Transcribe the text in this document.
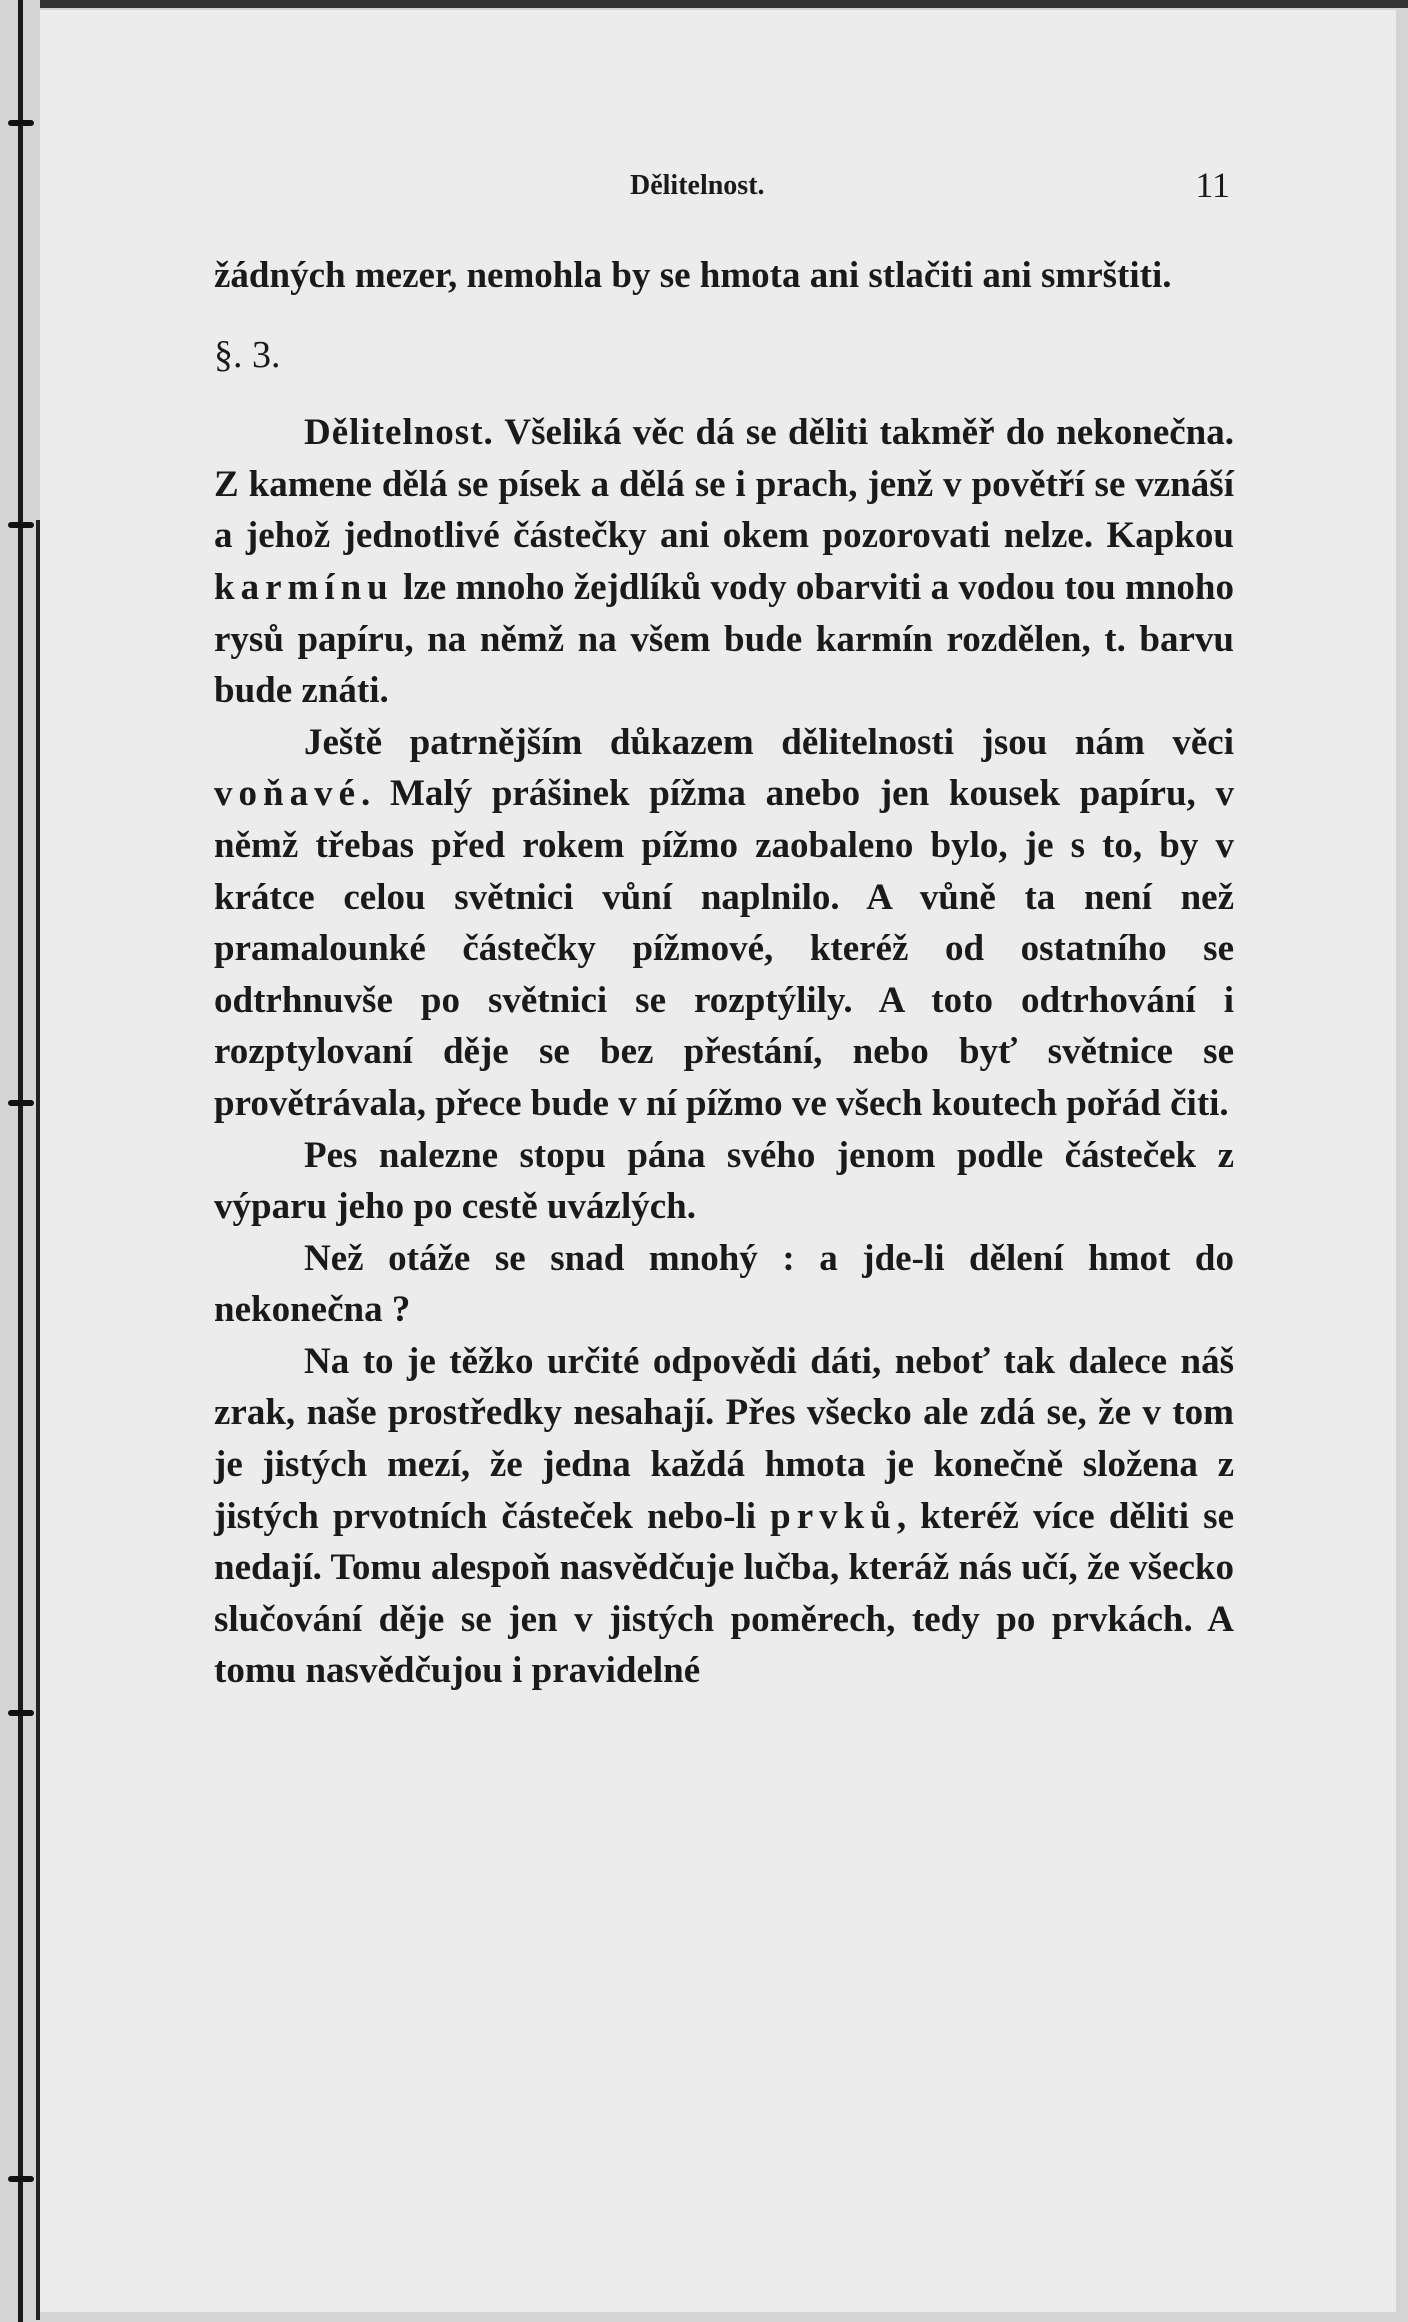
Dělitelnost.	11

žádných mezer, nemohla by se hmota ani stlačiti ani smrštiti.

§. 3.

Dělitelnost. Všeliká věc dá se děliti takměř do nekonečna. Z kamene dělá se písek a dělá se i prach, jenž v povětří se vznáší a jehož jednotlivé částečky ani okem pozorovati nelze. Kapkou karmínu lze mnoho žejdlíků vody obarviti a vodou tou mnoho rysů papíru, na němž na všem bude karmín rozdělen, t. barvu bude znáti.

Ještě patrnějším důkazem dělitelnosti jsou nám věci voňavé. Malý prášinek pížma anebo jen kousek papíru, v němž třebas před rokem pížmo zaobaleno bylo, je s to, by v krátce celou světnici vůní naplnilo. A vůně ta není než pramalounké částečky pížmové, kteréž od ostatního se odtrhnuvše po světnici se rozptýlily. A toto odtrhování i rozptylovaní děje se bez přestání, nebo byť světnice se provětrávala, přece bude v ní pížmo ve všech koutech pořád čiti.

Pes nalezne stopu pána svého jenom podle částeček z výparu jeho po cestě uvázlých.

Než otáže se snad mnohý : a jde-li dělení hmot do nekonečna ?

Na to je těžko určité odpovědi dáti, neboť tak dalece náš zrak, naše prostředky nesahají. Přes všecko ale zdá se, že v tom je jistých mezí, že jedna každá hmota je konečně složena z jistých prvotních částeček nebo-li prvků, kteréž více děliti se nedají. Tomu alespoň nasvědčuje lučba, kteráž nás učí, že všecko slučování děje se jen v jistých poměrech, tedy po prvkách. A tomu nasvědčujou i pravidelné
